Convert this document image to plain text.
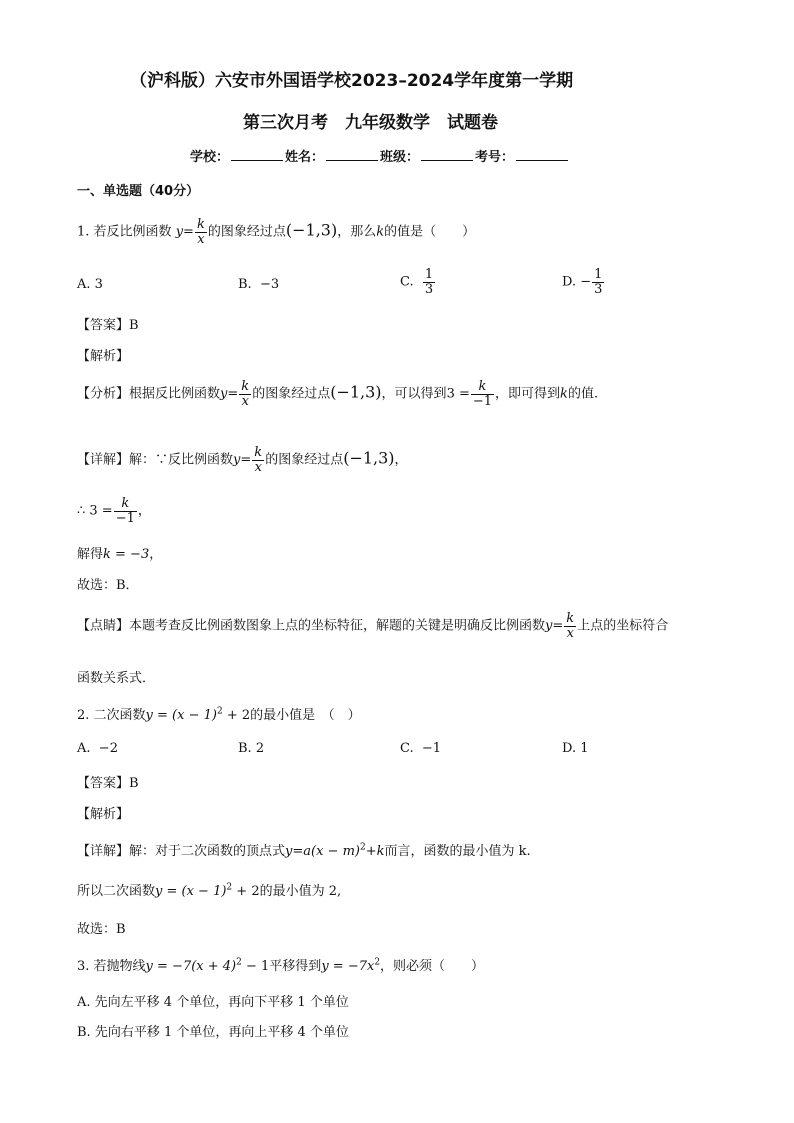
（沪科版）六安市外国语学校2023–2024学年度第一学期
第三次月考　九年级数学　试题卷
学校：	姓名：	班级：	考号：
一、单选题（40分）
1. 若反比例函数 $y= \frac{k}{x}$ 的图象经过点(−1,3)，那么k的值是（　　）
A. 3	B. −3	C. $\frac{1}{3}$	D. − $\frac{1}{3}$
【答案】B
【解析】
【分析】根据反比例函数$y= \frac{k}{x}$ 的图象经过点(−1,3)，可以得到$3 = \frac{k}{-1}$ ，即可得到k的值.
【详解】解：∵反比例函数$y= \frac{k}{x}$ 的图象经过点(−1,3)，
∴ $3 = \frac{k}{-1}$ ，
解得k = −3，
故选：B．
【点睛】本题考查反比例函数图象上点的坐标特征，解题的关键是明确反比例函数$y= \frac{k}{x}$ 上点的坐标符合
函数关系式．
2. 二次函数$y = (x - 1)^2 + 2$的最小值是　（　）
A. −2	B. 2	C. −1	D. 1
【答案】B
【解析】
【详解】解：对于二次函数的顶点式$y=a(x - m)^2+k$而言，函数的最小值为 k.
所以二次函数$y = (x - 1)^2 + 2$的最小值为 2,
故选：B
3. 若抛物线$y = -7(x + 4)^2 - 1$平移得到$y = -7x^2$，则必须（　　）
A. 先向左平移 4 个单位，再向下平移 1 个单位
B. 先向右平移 1 个单位，再向上平移 4 个单位
